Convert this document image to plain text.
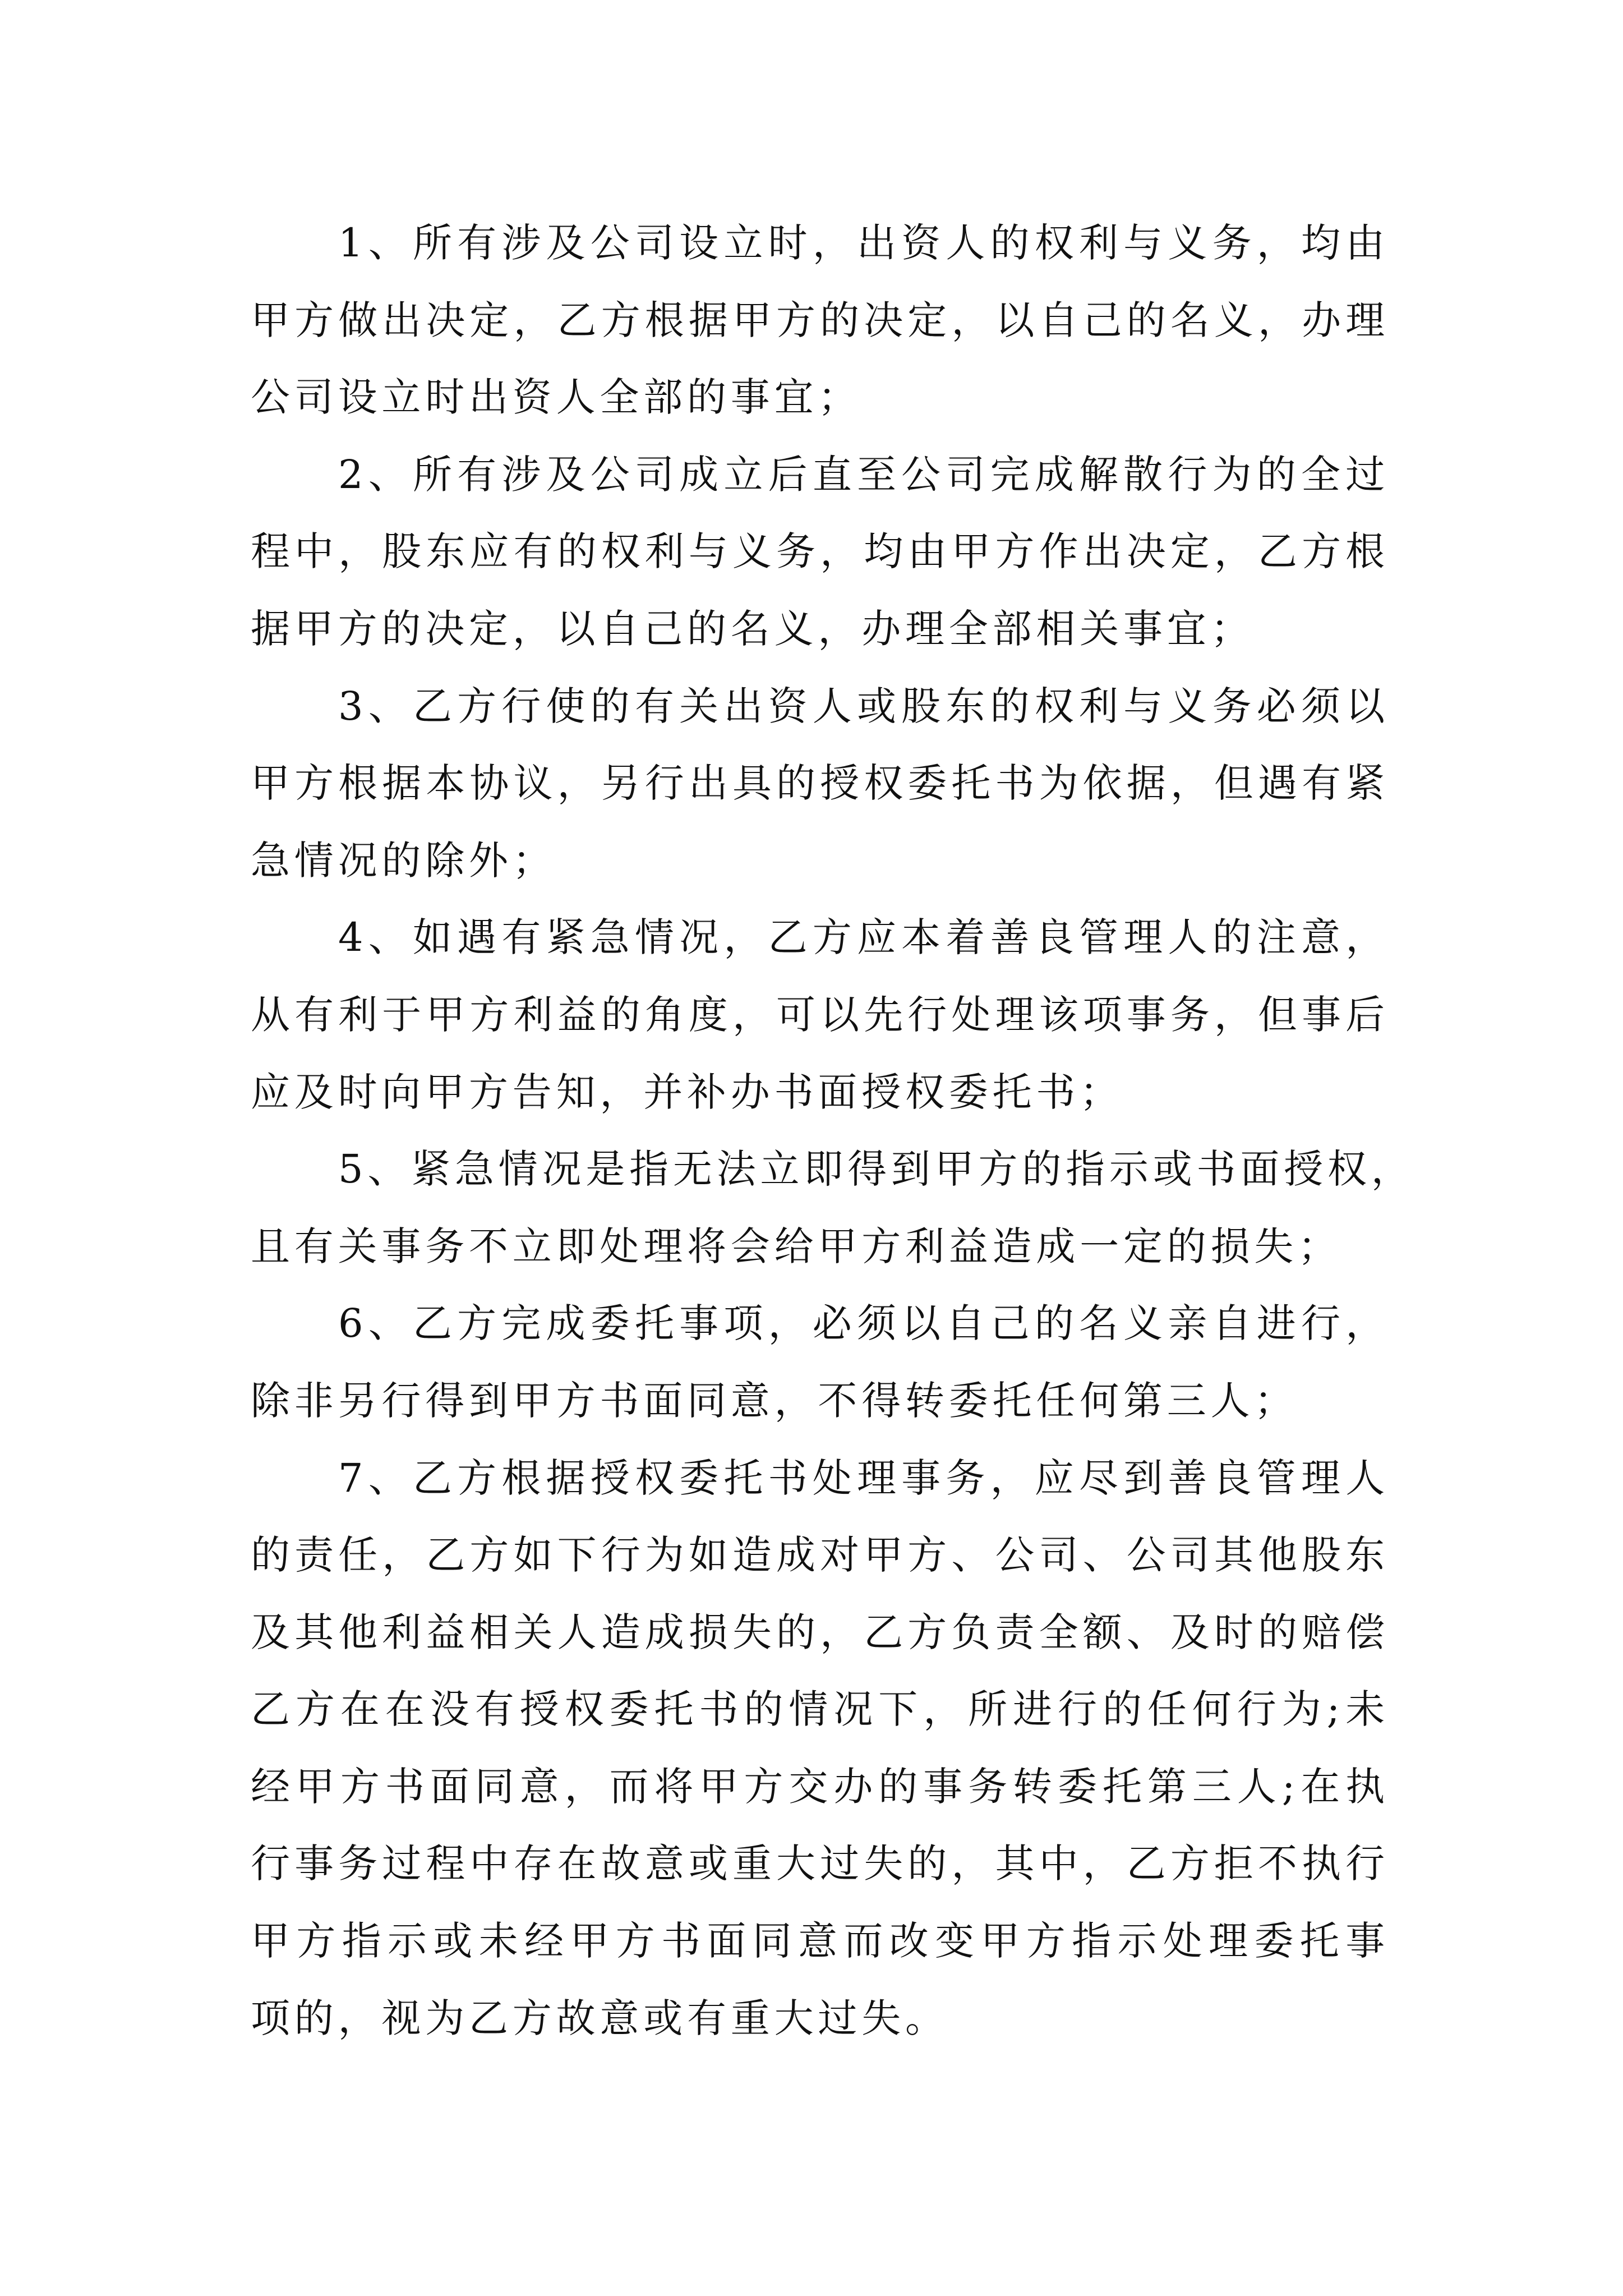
1、所有涉及公司设立时，出资人的权利与义务，均由
甲方做出决定，乙方根据甲方的决定，以自己的名义，办理
公司设立时出资人全部的事宜；
2、所有涉及公司成立后直至公司完成解散行为的全过
程中，股东应有的权利与义务，均由甲方作出决定，乙方根
据甲方的决定，以自己的名义，办理全部相关事宜；
3、乙方行使的有关出资人或股东的权利与义务必须以
甲方根据本协议，另行出具的授权委托书为依据，但遇有紧
急情况的除外；
4、如遇有紧急情况，乙方应本着善良管理人的注意，
从有利于甲方利益的角度，可以先行处理该项事务，但事后
应及时向甲方告知，并补办书面授权委托书；
5、紧急情况是指无法立即得到甲方的指示或书面授权，
且有关事务不立即处理将会给甲方利益造成一定的损失；
6、乙方完成委托事项，必须以自己的名义亲自进行，
除非另行得到甲方书面同意，不得转委托任何第三人；
7、乙方根据授权委托书处理事务，应尽到善良管理人
的责任，乙方如下行为如造成对甲方、公司、公司其他股东
及其他利益相关人造成损失的，乙方负责全额、及时的赔偿
乙方在在没有授权委托书的情况下，所进行的任何行为;未
经甲方书面同意，而将甲方交办的事务转委托第三人;在执
行事务过程中存在故意或重大过失的，其中，乙方拒不执行
甲方指示或未经甲方书面同意而改变甲方指示处理委托事
项的，视为乙方故意或有重大过失。
